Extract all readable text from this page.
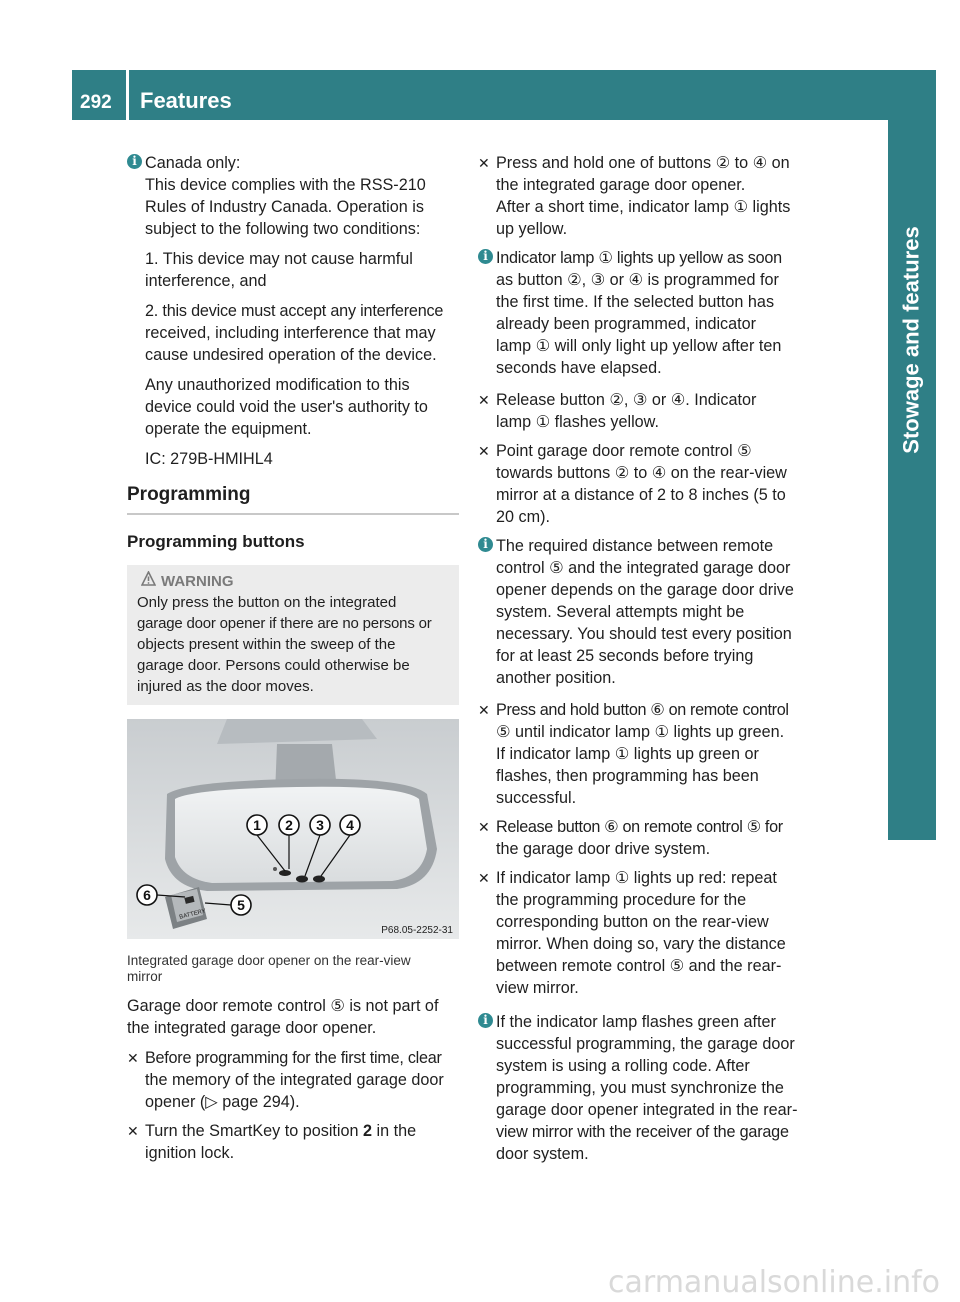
292 Features
Stowage and features
i Canada only:
This device complies with the RSS-210
Rules of Industry Canada. Operation is
subject to the following two conditions:
1. This device may not cause harmful
interference, and
2. this device must accept any interference
received, including interference that may
cause undesired operation of the device.
Any unauthorized modification to this
device could void the user's authority to
operate the equipment.
IC: 279B-HMIHL4
Programming
Programming buttons
WARNING
Only press the button on the integrated
garage door opener if there are no persons or
objects present within the sweep of the
garage door. Persons could otherwise be
injured as the door moves.
BATTERY
1 2 3 4
5
6
P68.05-2252-31
Integrated garage door opener on the rear-view
mirror
Garage door remote control ⑤ is not part of
the integrated garage door opener.
✕ Before programming for the first time, clear
the memory of the integrated garage door
opener (▷ page 294).
✕ Turn the SmartKey to position 2 in the
ignition lock.
✕ Press and hold one of buttons ② to ④ on
the integrated garage door opener.
After a short time, indicator lamp ① lights
up yellow.
i Indicator lamp ① lights up yellow as soon
as button ②, ③ or ④ is programmed for
the first time. If the selected button has
already been programmed, indicator
lamp ① will only light up yellow after ten
seconds have elapsed.
✕ Release button ②, ③ or ④. Indicator
lamp ① flashes yellow.
✕ Point garage door remote control ⑤
towards buttons ② to ④ on the rear-view
mirror at a distance of 2 to 8 inches (5 to
20 cm).
i The required distance between remote
control ⑤ and the integrated garage door
opener depends on the garage door drive
system. Several attempts might be
necessary. You should test every position
for at least 25 seconds before trying
another position.
✕ Press and hold button ⑥ on remote control
⑤ until indicator lamp ① lights up green.
If indicator lamp ① lights up green or
flashes, then programming has been
successful.
✕ Release button ⑥ on remote control ⑤ for
the garage door drive system.
✕ If indicator lamp ① lights up red: repeat
the programming procedure for the
corresponding button on the rear-view
mirror. When doing so, vary the distance
between remote control ⑤ and the rear-
view mirror.
i If the indicator lamp flashes green after
successful programming, the garage door
system is using a rolling code. After
programming, you must synchronize the
garage door opener integrated in the rear-
view mirror with the receiver of the garage
door system.
carmanualsonline.info
